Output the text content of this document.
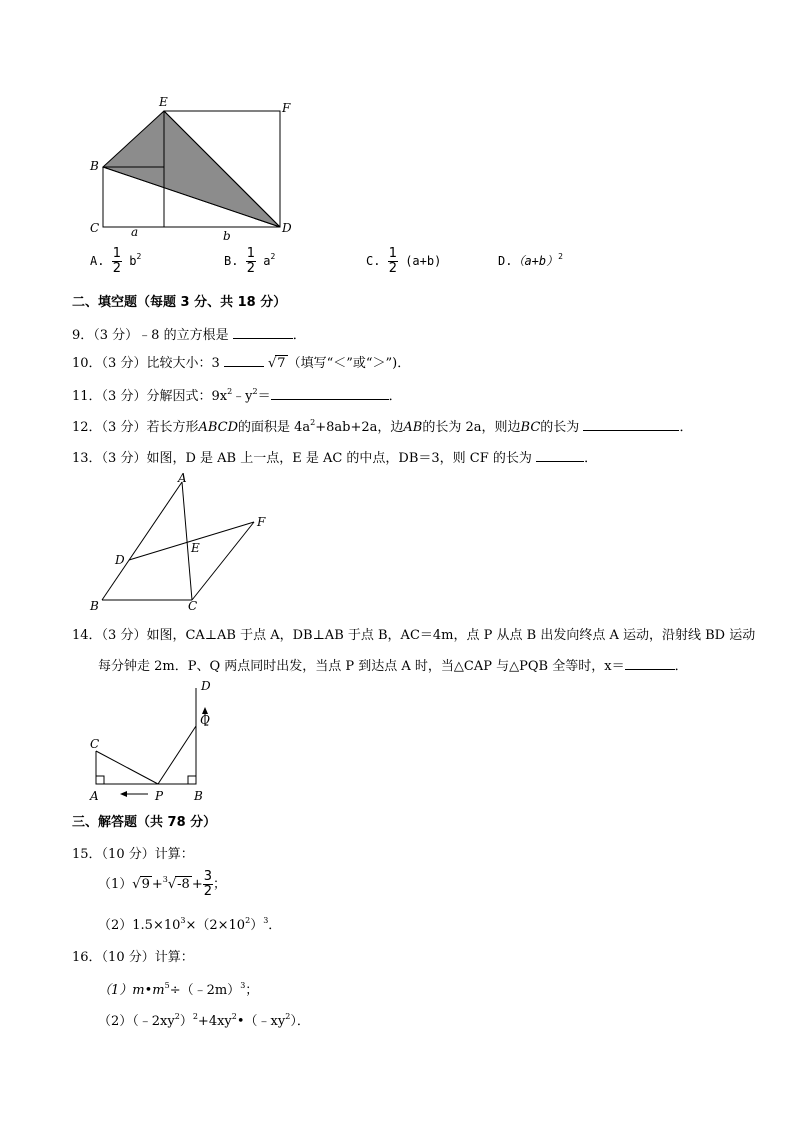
E	F
B
C	D
a	b
A. $\frac{1}{2} b^2$	B. $\frac{1}{2} a^2$	C. $\frac{1}{2} (a+b)$	$D.(a+b)^2$
二、填空题（每题 3 分、共 18 分）
9．（3 分）﹣8 的立方根是	．
10．（3 分）比较大小：3	√7 （填写“＜”或“＞”)．
11．（3 分）分解因式：$9x^2﹣y^2=$	．
12．（3 分）若长方形ABCD的面积是 $4a^2+8ab+2a$，边AB的长为 2a，则边BC的长为	．
13．（3 分）如图，D 是 AB 上一点，E 是 AC 的中点，DB＝3，则 CF 的长为	．
A
F
D
E
B	C
14．（3 分）如图，CA⊥AB 于点 A，DB⊥AB 于点 B，AC＝4m，点 P 从点 B 出发向终点 A 运动，沿射线 BD 运动
每分钟走 2m．P、Q 两点同时出发，当点 P 到达点 A 时，当△CAP 与△PQB 全等时，x＝	．
D
Q
C
A	P	B
三、解答题（共 78 分）
15．（10 分）计算：
$(1)√9 +^3√-8 + \frac{3}{2}$ ；
$(2)1.5\times 10^3\times(2\times 10^2)^3$．
16．（10 分）计算：
$(1)m•m^5\div(﹣2m)^3$；
$(2)(﹣2xy^2)^2+4xy^2•(﹣xy^2)$．
